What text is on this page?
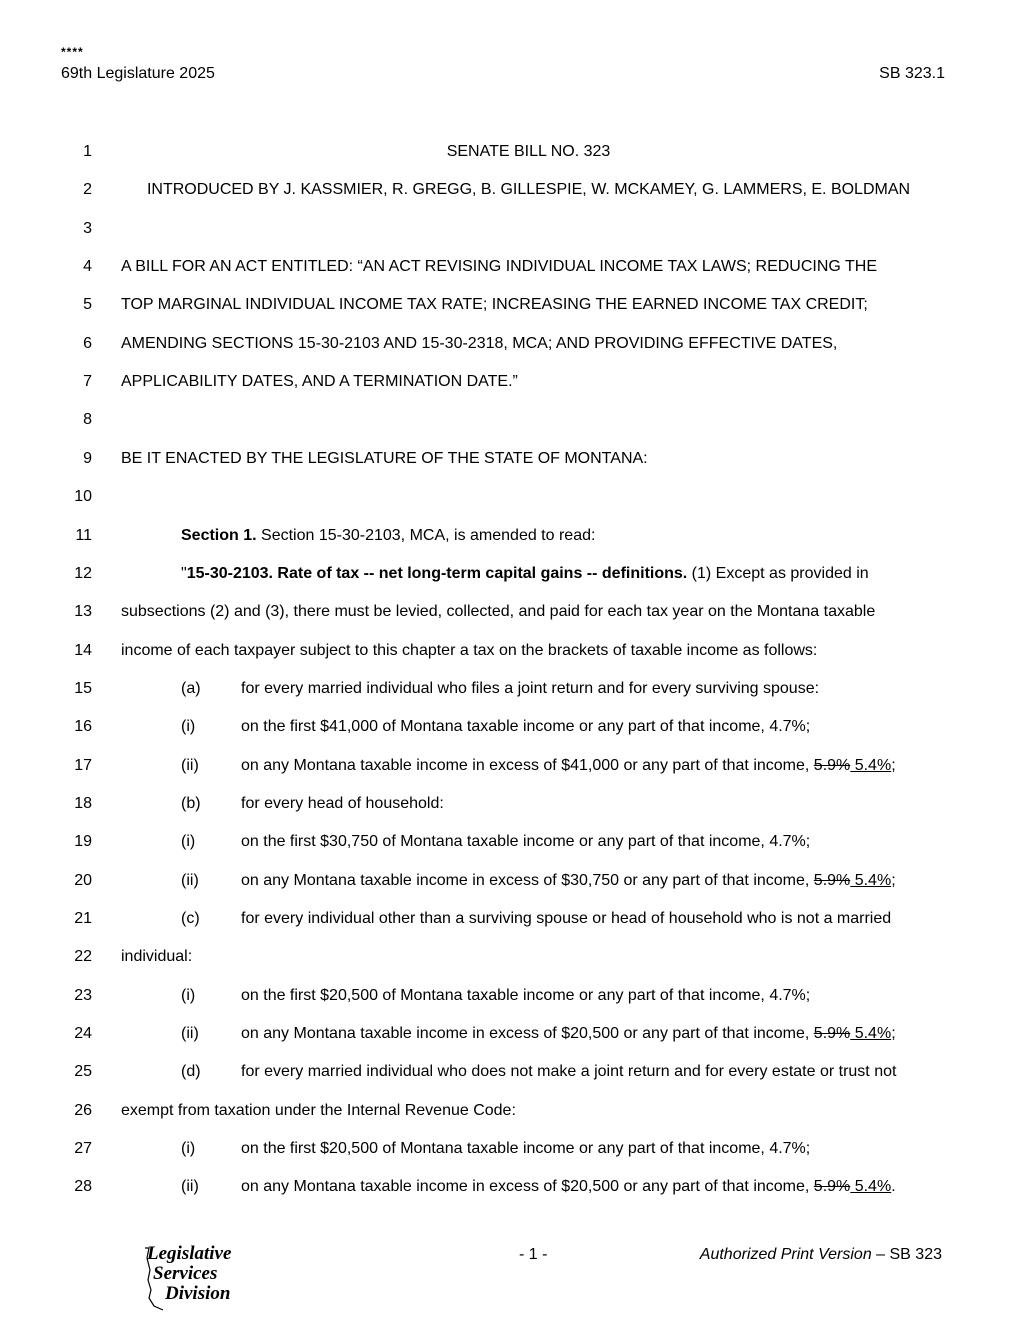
****
69th Legislature 2025	SB 323.1
1	SENATE BILL NO. 323
2	INTRODUCED BY J. KASSMIER, R. GREGG, B. GILLESPIE, W. MCKAMEY, G. LAMMERS, E. BOLDMAN
3
4 A BILL FOR AN ACT ENTITLED: “AN ACT REVISING INDIVIDUAL INCOME TAX LAWS; REDUCING THE
5 TOP MARGINAL INDIVIDUAL INCOME TAX RATE; INCREASING THE EARNED INCOME TAX CREDIT;
6 AMENDING SECTIONS 15-30-2103 AND 15-30-2318, MCA; AND PROVIDING EFFECTIVE DATES,
7 APPLICABILITY DATES, AND A TERMINATION DATE.”
8
9 BE IT ENACTED BY THE LEGISLATURE OF THE STATE OF MONTANA:
10
11	Section 1. Section 15-30-2103, MCA, is amended to read:
12	"15-30-2103. Rate of tax -- net long-term capital gains -- definitions. (1) Except as provided in
13 subsections (2) and (3), there must be levied, collected, and paid for each tax year on the Montana taxable
14 income of each taxpayer subject to this chapter a tax on the brackets of taxable income as follows:
15	(a)	for every married individual who files a joint return and for every surviving spouse:
16	(i)	on the first $41,000 of Montana taxable income or any part of that income, 4.7%;
17	(ii)	on any Montana taxable income in excess of $41,000 or any part of that income, 5.9% 5.4%;
18	(b)	for every head of household:
19	(i)	on the first $30,750 of Montana taxable income or any part of that income, 4.7%;
20	(ii)	on any Montana taxable income in excess of $30,750 or any part of that income, 5.9% 5.4%;
21	(c)	for every individual other than a surviving spouse or head of household who is not a married
22 individual:
23	(i)	on the first $20,500 of Montana taxable income or any part of that income, 4.7%;
24	(ii)	on any Montana taxable income in excess of $20,500 or any part of that income, 5.9% 5.4%;
25	(d)	for every married individual who does not make a joint return and for every estate or trust not
26 exempt from taxation under the Internal Revenue Code:
27	(i)	on the first $20,500 of Montana taxable income or any part of that income, 4.7%;
28	(ii)	on any Montana taxable income in excess of $20,500 or any part of that income, 5.9% 5.4%.
- 1 -	Authorized Print Version – SB 323
Legislative
Services
Division
